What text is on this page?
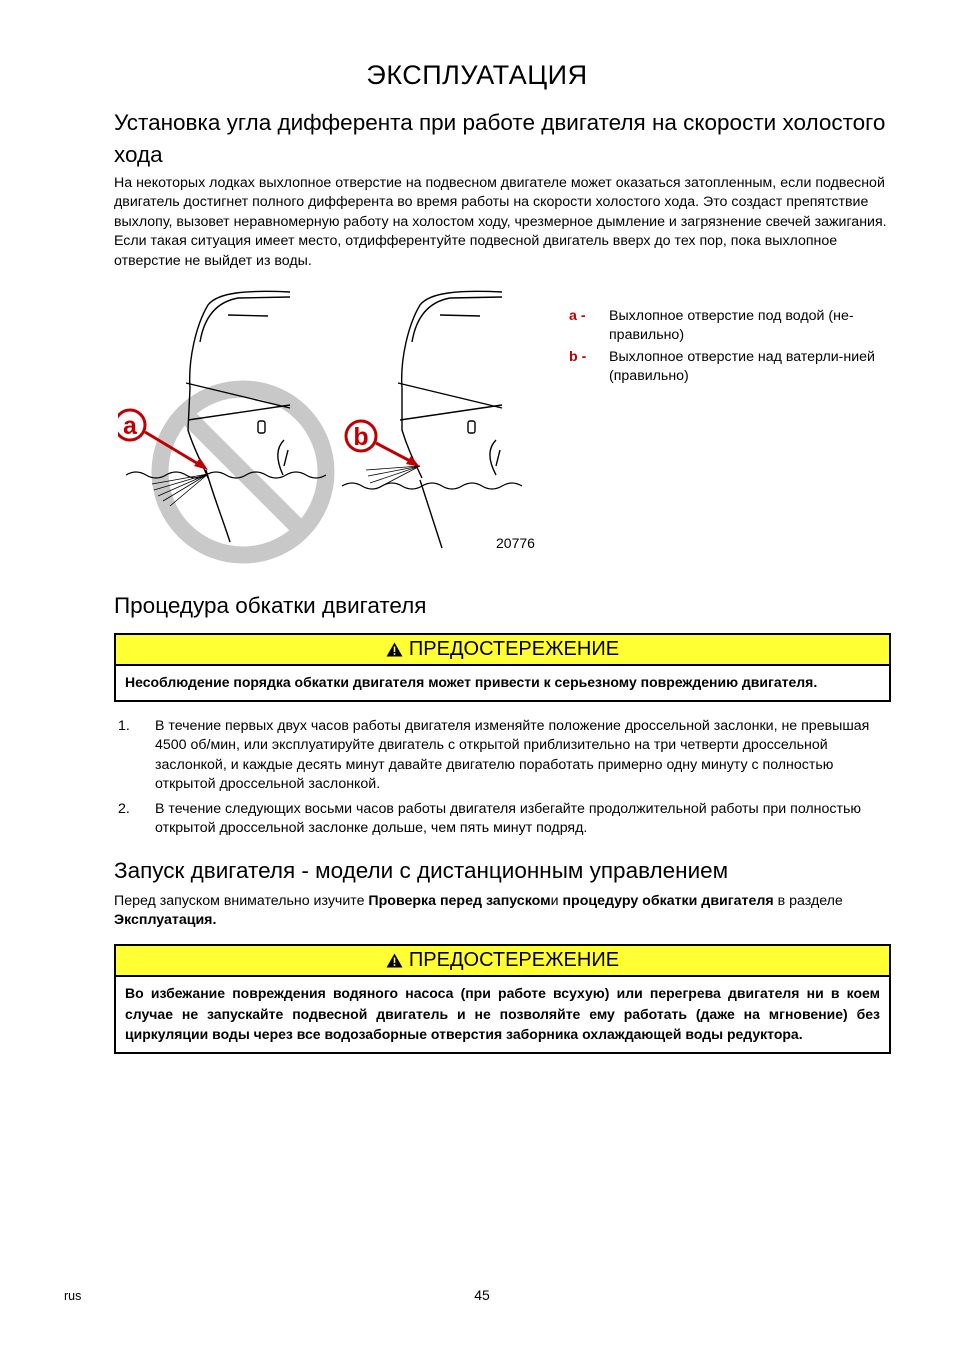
ЭКСПЛУАТАЦИЯ
Установка угла дифферента при работе двигателя на скорости холостого хода
На некоторых лодках выхлопное отверстие на подвесном двигателе может оказаться затопленным, если подвесной двигатель достигнет полного дифферента во время работы на скорости холостого хода. Это создаст препятствие выхлопу, вызовет неравномерную работу на холостом ходу, чрезмерное дымление и загрязнение свечей зажигания. Если такая ситуация имеет место, отдифферентуйте подвесной двигатель вверх до тех пор, пока выхлопное отверстие не выйдет из воды.
a	b
20776
a - Выхлопное отверстие под водой (не-правильно)
b - Выхлопное отверстие над ватерли-нией (правильно)
Процедура обкатки двигателя
ПРЕДОСТЕРЕЖЕНИЕ
Несоблюдение порядка обкатки двигателя может привести к серьезному повреждению двигателя.
1. В течение первых двух часов работы двигателя изменяйте положение дроссельной заслонки, не превышая 4500 об/мин, или эксплуатируйте двигатель с открытой приблизительно на три четверти дроссельной заслонкой, и каждые десять минут давайте двигателю поработать примерно одну минуту с полностью открытой дроссельной заслонкой.
2. В течение следующих восьми часов работы двигателя избегайте продолжительной работы при полностью открытой дроссельной заслонке дольше, чем пять минут подряд.
Запуск двигателя - модели с дистанционным управлением
Перед запуском внимательно изучите Проверка перед запускоми процедуру обкатки двигателя в разделе Эксплуатация.
ПРЕДОСТЕРЕЖЕНИЕ
Во избежание повреждения водяного насоса (при работе всухую) или перегрева двигателя ни в коем случае не запускайте подвесной двигатель и не позволяйте ему работать (даже на мгновение) без циркуляции воды через все водозаборные отверстия заборника охлаждающей воды редуктора.
rus	45
